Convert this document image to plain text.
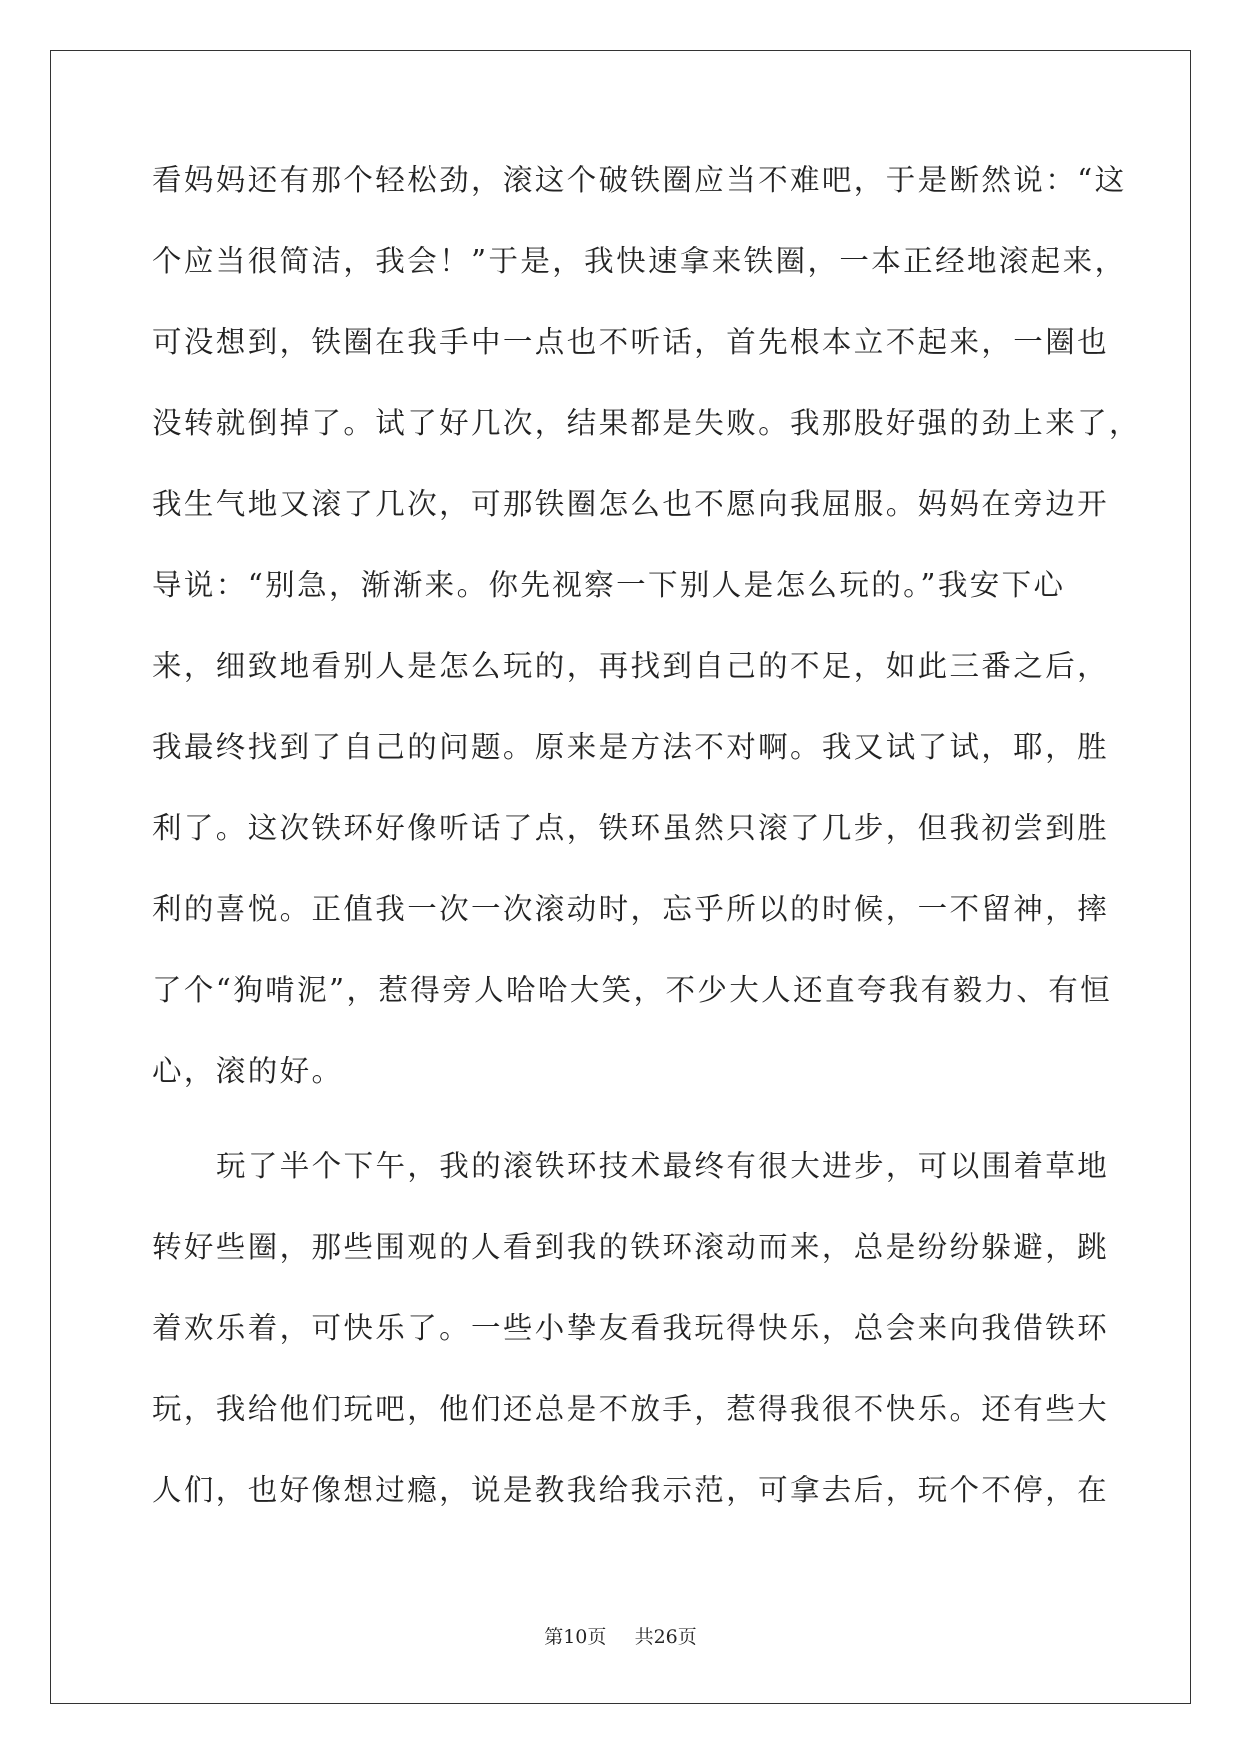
看妈妈还有那个轻松劲，滚这个破铁圈应当不难吧，于是断然说：“这
个应当很简洁，我会！”于是，我快速拿来铁圈，一本正经地滚起来，
可没想到，铁圈在我手中一点也不听话，首先根本立不起来，一圈也
没转就倒掉了。试了好几次，结果都是失败。我那股好强的劲上来了，
我生气地又滚了几次，可那铁圈怎么也不愿向我屈服。妈妈在旁边开
导说：“别急，渐渐来。你先视察一下别人是怎么玩的。”我安下心
来，细致地看别人是怎么玩的，再找到自己的不足，如此三番之后，
我最终找到了自己的问题。原来是方法不对啊。我又试了试，耶，胜
利了。这次铁环好像听话了点，铁环虽然只滚了几步，但我初尝到胜
利的喜悦。正值我一次一次滚动时，忘乎所以的时候，一不留神，摔
了个“狗啃泥”，惹得旁人哈哈大笑，不少大人还直夸我有毅力、有恒
心，滚的好。
玩了半个下午，我的滚铁环技术最终有很大进步，可以围着草地
转好些圈，那些围观的人看到我的铁环滚动而来，总是纷纷躲避，跳
着欢乐着，可快乐了。一些小挚友看我玩得快乐，总会来向我借铁环
玩，我给他们玩吧，他们还总是不放手，惹得我很不快乐。还有些大
人们，也好像想过瘾，说是教我给我示范，可拿去后，玩个不停，在
第10页 共26页
